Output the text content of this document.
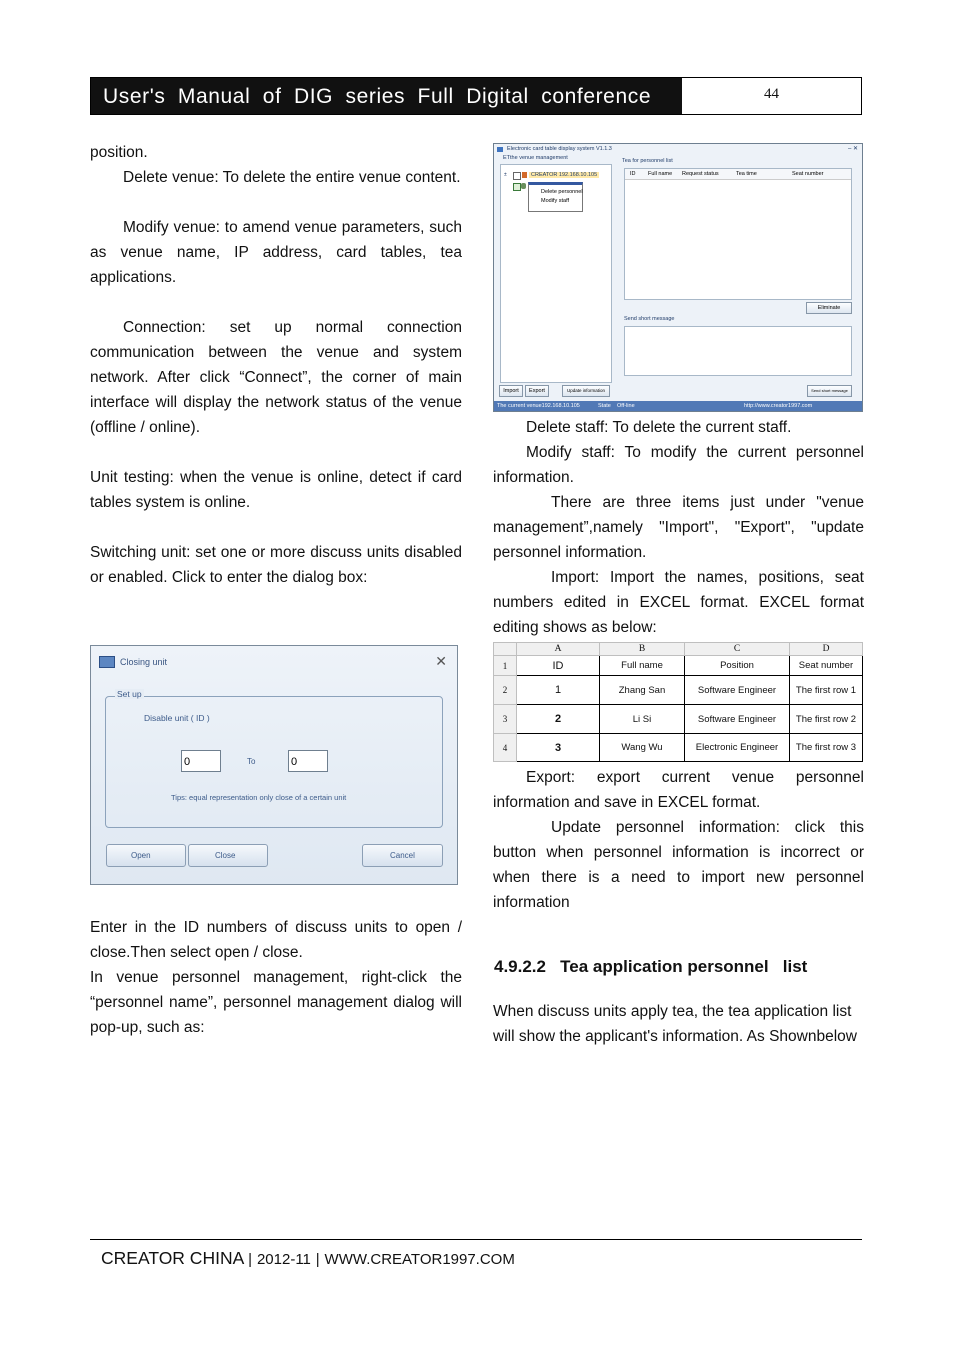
User's Manual of DIG series Full Digital conference	44

position.

Delete venue: To delete the entire venue content.

Modify venue: to amend venue parameters, such as venue name, IP address, card tables, tea applications.

Connection: set up normal connection communication between the venue and system network. After click “Connect”, the corner of main interface will display the network status of the venue (offline / online).

Unit testing: when the venue is online, detect if card tables system is online.

Switching unit: set one or more discuss units disabled or enabled. Click to enter the dialog box:

Closing unit	✕
Set up
Disable unit ( ID )
0	To	0
Tips: equal representation only close of a certain unit
Open	Close	Cancel

Enter in the ID numbers of discuss units to open / close.Then select open / close.

In venue personnel management, right-click the “personnel name”, personnel management dialog will pop-up, such as:

Electronic card table display system V1.1.3	– ✕
ETthe venue management
±	CREATOR 192.168.10.105
Delete personnel
Modify staff
Tea for personnel list
ID Full name Request status	Tea time	Seat number
Eliminate
Send short message
Import	Export	Update information	Send short message
The current venue192.168.10.105	State Off-line	http://www.creator1997.com

Delete staff: To delete the current staff.

Modify staff: To modify the current personnel information.

There are three items just under "venue management”,namely "Import", "Export", "update personnel information.

Import: Import the names, positions, seat numbers edited in EXCEL format. EXCEL format editing shows as below:

	A	B	C	D
1	ID	Full name	Position	Seat number
2	1	Zhang San	Software Engineer	The first row 1
3	2	Li Si	Software Engineer	The first row 2
4	3	Wang Wu	Electronic Engineer	The first row 3

Export: export current venue personnel information and save in EXCEL format.

Update personnel information: click this button when personnel information is incorrect or when there is a need to import new personnel information

4.9.2.2   Tea application personnel   list

When discuss units apply tea, the tea application list will show the applicant's information. As Shownbelow

CREATOR CHINA | 2012-11 | WWW.CREATOR1997.COM
